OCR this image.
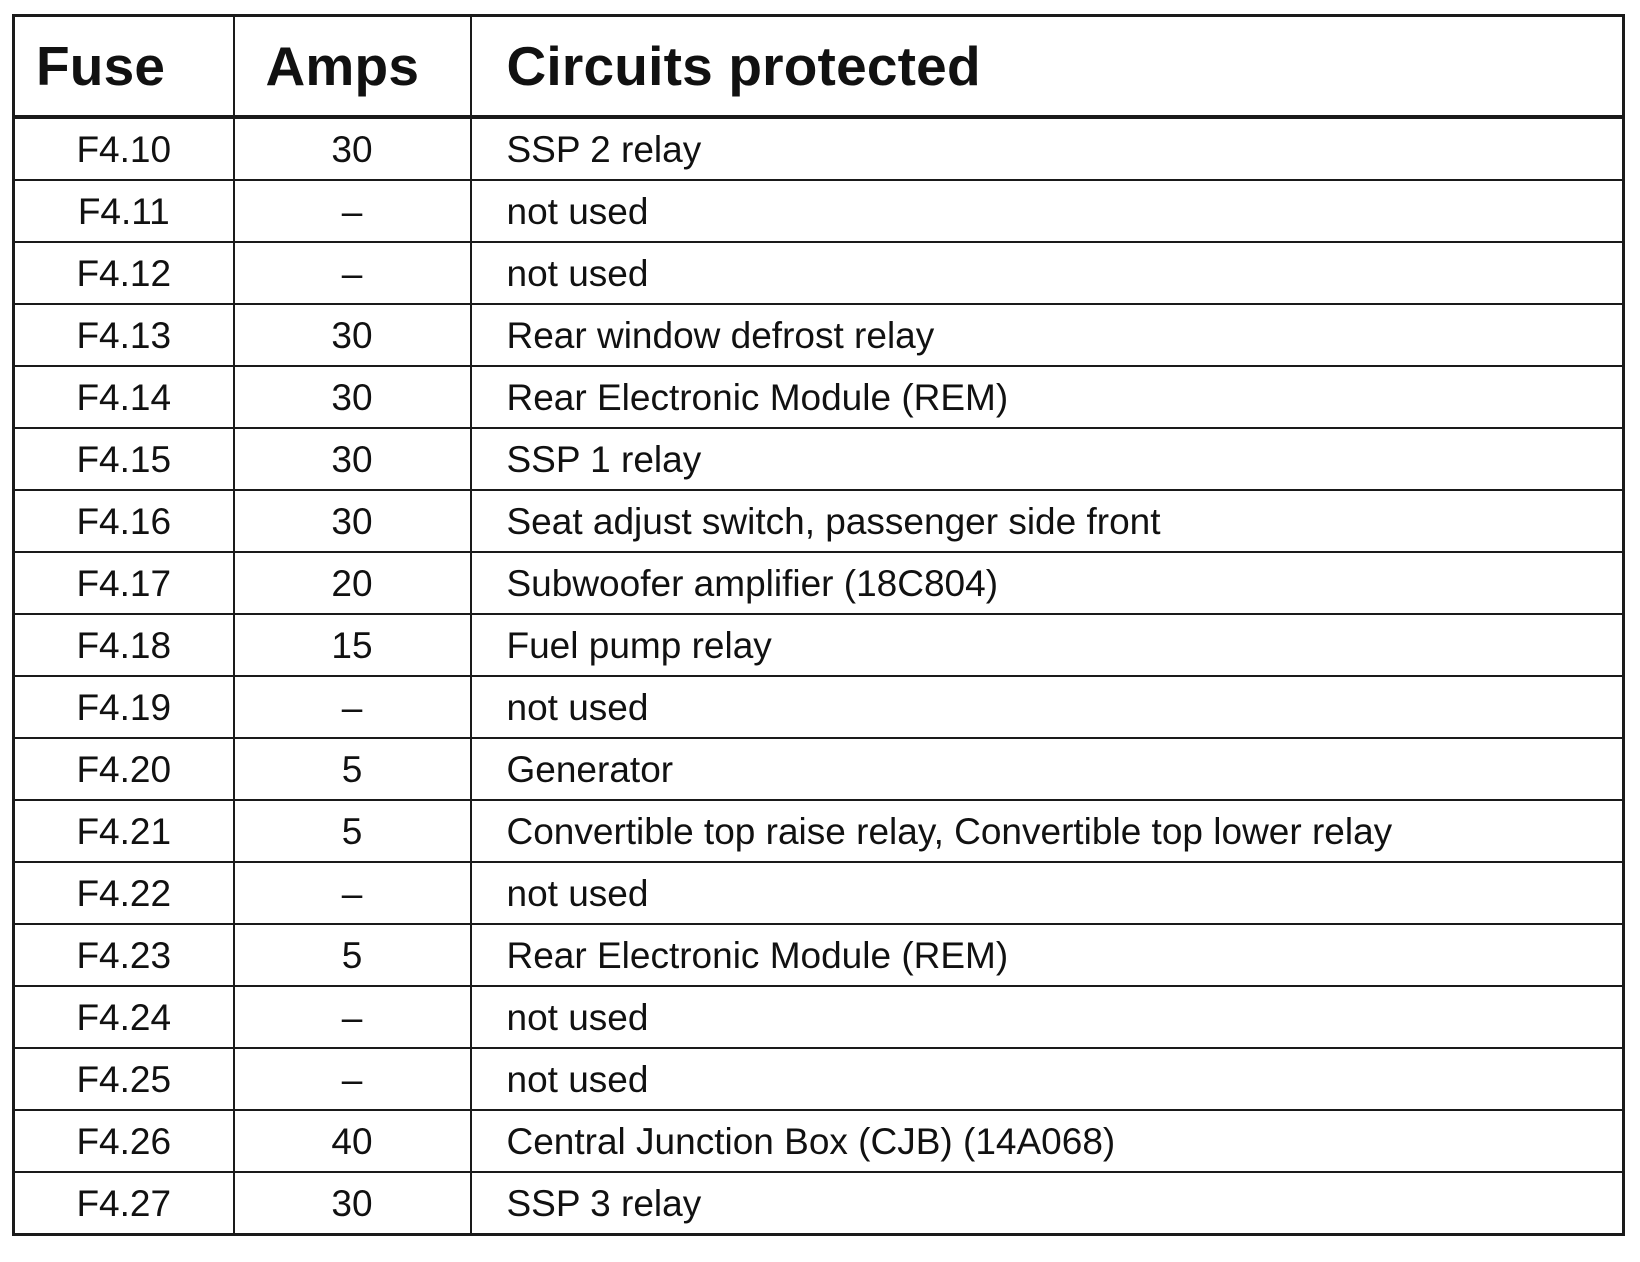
Fuse	Amps	Circuits protected
F4.10	30	SSP 2 relay
F4.11	–	not used
F4.12	–	not used
F4.13	30	Rear window defrost relay
F4.14	30	Rear Electronic Module (REM)
F4.15	30	SSP 1 relay
F4.16	30	Seat adjust switch, passenger side front
F4.17	20	Subwoofer amplifier (18C804)
F4.18	15	Fuel pump relay
F4.19	–	not used
F4.20	5	Generator
F4.21	5	Convertible top raise relay, Convertible top lower relay
F4.22	–	not used
F4.23	5	Rear Electronic Module (REM)
F4.24	–	not used
F4.25	–	not used
F4.26	40	Central Junction Box (CJB) (14A068)
F4.27	30	SSP 3 relay
